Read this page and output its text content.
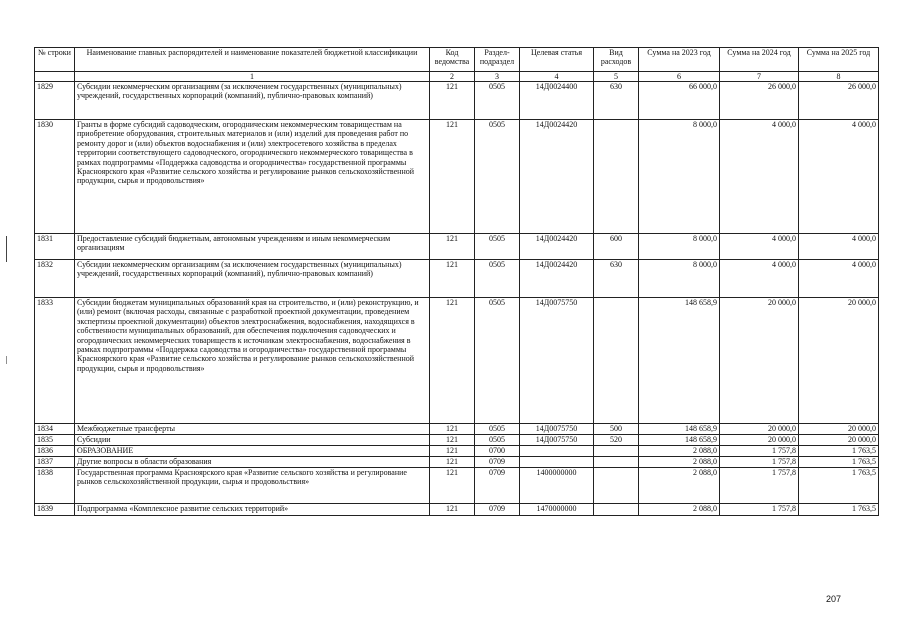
№ строки	Наименование главных распорядителей и наименование показателей бюджетной классификации	Код ведомства	Раздел-подраздел	Целевая статья	Вид расходов	Сумма на 2023 год	Сумма на 2024 год	Сумма на 2025 год
	1	2	3	4	5	6	7	8
1829	Субсидии некоммерческим организациям (за исключением государственных (муниципальных) учреждений, государственных корпораций (компаний), публично-правовых компаний)	121	0505	14Д0024400	630	66 000,0	26 000,0	26 000,0
1830	Гранты в форме субсидий садоводческим, огородническим некоммерческим товариществам на приобретение оборудования, строительных материалов и (или) изделий для проведения работ по ремонту дорог и (или) объектов водоснабжения и (или) электросетевого хозяйства в пределах территории соответствующего садоводческого, огороднического некоммерческого товарищества в рамках подпрограммы «Поддержка садоводства и огородничества» государственной программы Красноярского края «Развитие сельского хозяйства и регулирование рынков сельскохозяйственной продукции, сырья и продовольствия»	121	0505	14Д0024420		8 000,0	4 000,0	4 000,0
1831	Предоставление субсидий бюджетным, автономным учреждениям и иным некоммерческим организациям	121	0505	14Д0024420	600	8 000,0	4 000,0	4 000,0
1832	Субсидии некоммерческим организациям (за исключением государственных (муниципальных) учреждений, государственных корпораций (компаний), публично-правовых компаний)	121	0505	14Д0024420	630	8 000,0	4 000,0	4 000,0
1833	Субсидии бюджетам муниципальных образований края на строительство, и (или) реконструкцию, и (или) ремонт (включая расходы, связанные с разработкой проектной документации, проведением экспертизы проектной документации) объектов электроснабжения, водоснабжения, находящихся в собственности муниципальных образований, для обеспечения подключения садоводческих и огороднических некоммерческих товариществ к источникам электроснабжения, водоснабжения в рамках подпрограммы «Поддержка садоводства и огородничества» государственной программы Красноярского края «Развитие сельского хозяйства и регулирование рынков сельскохозяйственной продукции, сырья и продовольствия»	121	0505	14Д0075750		148 658,9	20 000,0	20 000,0
1834	Межбюджетные трансферты	121	0505	14Д0075750	500	148 658,9	20 000,0	20 000,0
1835	Субсидии	121	0505	14Д0075750	520	148 658,9	20 000,0	20 000,0
1836	ОБРАЗОВАНИЕ	121	0700			2 088,0	1 757,8	1 763,5
1837	Другие вопросы в области образования	121	0709			2 088,0	1 757,8	1 763,5
1838	Государственная программа Красноярского края «Развитие сельского хозяйства и регулирование рынков сельскохозяйственной продукции, сырья и продовольствия»	121	0709	1400000000		2 088,0	1 757,8	1 763,5
1839	Подпрограмма «Комплексное развитие сельских территорий»	121	0709	1470000000		2 088,0	1 757,8	1 763,5
207
